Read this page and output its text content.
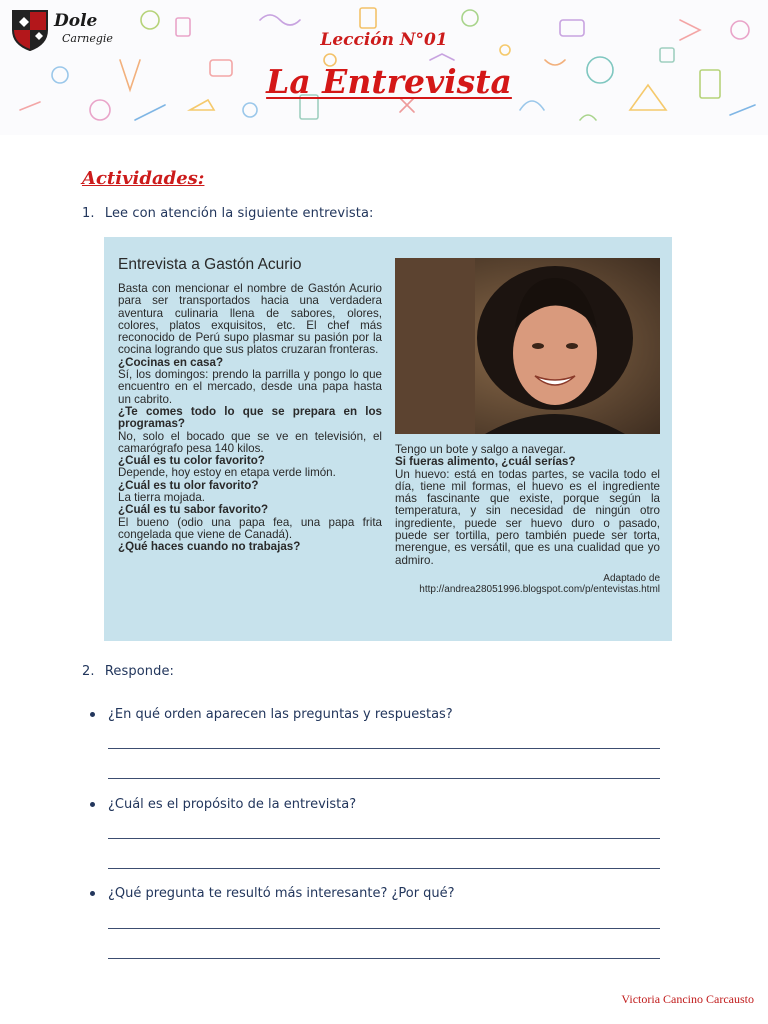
Dole
Carnegie	Lección N°01
La Entrevista
Actividades:
1. Lee con atención la siguiente entrevista:
Entrevista a Gastón Acurio

Basta con mencionar el nombre de Gastón Acurio para ser transportados hacia una verdadera aventura culinaria llena de sabores, olores, colores, platos exquisitos, etc. El chef más reconocido de Perú supo plasmar su pasión por la cocina logrando que sus platos cruzaran fronteras.

¿Cocinas en casa?

Sí, los domingos: prendo la parrilla y pongo lo que encuentro en el mercado, desde una papa hasta un cabrito.

¿Te comes todo lo que se prepara en los programas?

No, solo el bocado que se ve en televisión, el camarógrafo pesa 140 kilos.

¿Cuál es tu color favorito?

Depende, hoy estoy en etapa verde limón.

¿Cuál es tu olor favorito?

La tierra mojada.

¿Cuál es tu sabor favorito?

El bueno (odio una papa fea, una papa frita congelada que viene de Canadá).

¿Qué haces cuando no trabajas?

Tengo un bote y salgo a navegar.

Si fueras alimento, ¿cuál serías?

Un huevo: está en todas partes, se vacila todo el día, tiene mil formas, el huevo es el ingrediente más fascinante que existe, porque según la temperatura, y sin necesidad de ningún otro ingrediente, puede ser huevo duro o pasado, puede ser tortilla, pero también puede ser torta, merengue, es versátil, que es una cualidad que yo admiro.

Adaptado de
http://andrea28051996.blogspot.com/p/entevistas.html
2. Responde:
¿En qué orden aparecen las preguntas y respuestas?
¿Cuál es el propósito de la entrevista?
¿Qué pregunta te resultó más interesante? ¿Por qué?
Victoria Cancino Carcausto
